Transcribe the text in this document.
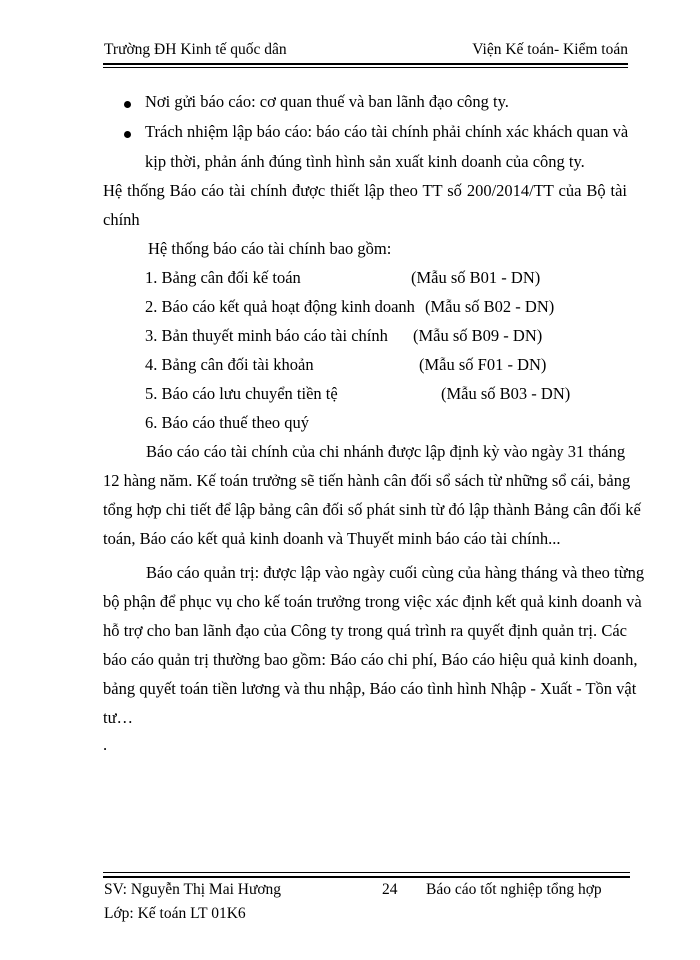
Trường ĐH Kinh tế quốc dân	Viện Kế toán- Kiểm toán
Nơi gửi báo cáo: cơ quan thuế và ban lãnh đạo công ty.
Trách nhiệm lập báo cáo: báo cáo tài chính phải chính xác khách quan và
kịp thời, phản ánh đúng tình hình sản xuất kinh doanh của công ty.
Hệ thống Báo cáo tài chính được thiết lập theo TT số 200/2014/TT của Bộ tài
chính
Hệ thống báo cáo tài chính bao gồm:
1. Bảng cân đối kế toán	(Mẫu số B01 - DN)
2. Báo cáo kết quả hoạt động kinh doanh (Mẫu số B02 - DN)
3. Bản thuyết minh báo cáo tài chính (Mẫu số B09 - DN)
4. Bảng cân đối tài khoản	(Mẫu số F01 - DN)
5. Báo cáo lưu chuyển tiền tệ	(Mẫu số B03 - DN)
6. Báo cáo thuế theo quý
Báo cáo cáo tài chính của chi nhánh được lập định kỳ vào ngày 31 tháng
12 hàng năm. Kế toán trưởng sẽ tiến hành cân đối sổ sách từ những sổ cái, bảng
tổng hợp chi tiết để lập bảng cân đối số phát sinh từ đó lập thành Bảng cân đối kế
toán, Báo cáo kết quả kinh doanh và Thuyết minh báo cáo tài chính...
Báo cáo quản trị: được lập vào ngày cuối cùng của hàng tháng và theo từng
bộ phận để phục vụ cho kế toán trưởng trong việc xác định kết quả kinh doanh và
hỗ trợ cho ban lãnh đạo của Công ty trong quá trình ra quyết định quản trị. Các
báo cáo quản trị thường bao gồm: Báo cáo chi phí, Báo cáo hiệu quả kinh doanh,
bảng quyết toán tiền lương và thu nhập, Báo cáo tình hình Nhập - Xuất - Tồn vật
tư…
.
SV: Nguyễn Thị Mai Hương	24 Báo cáo tốt nghiệp tổng hợp
Lớp: Kế toán LT 01K6
